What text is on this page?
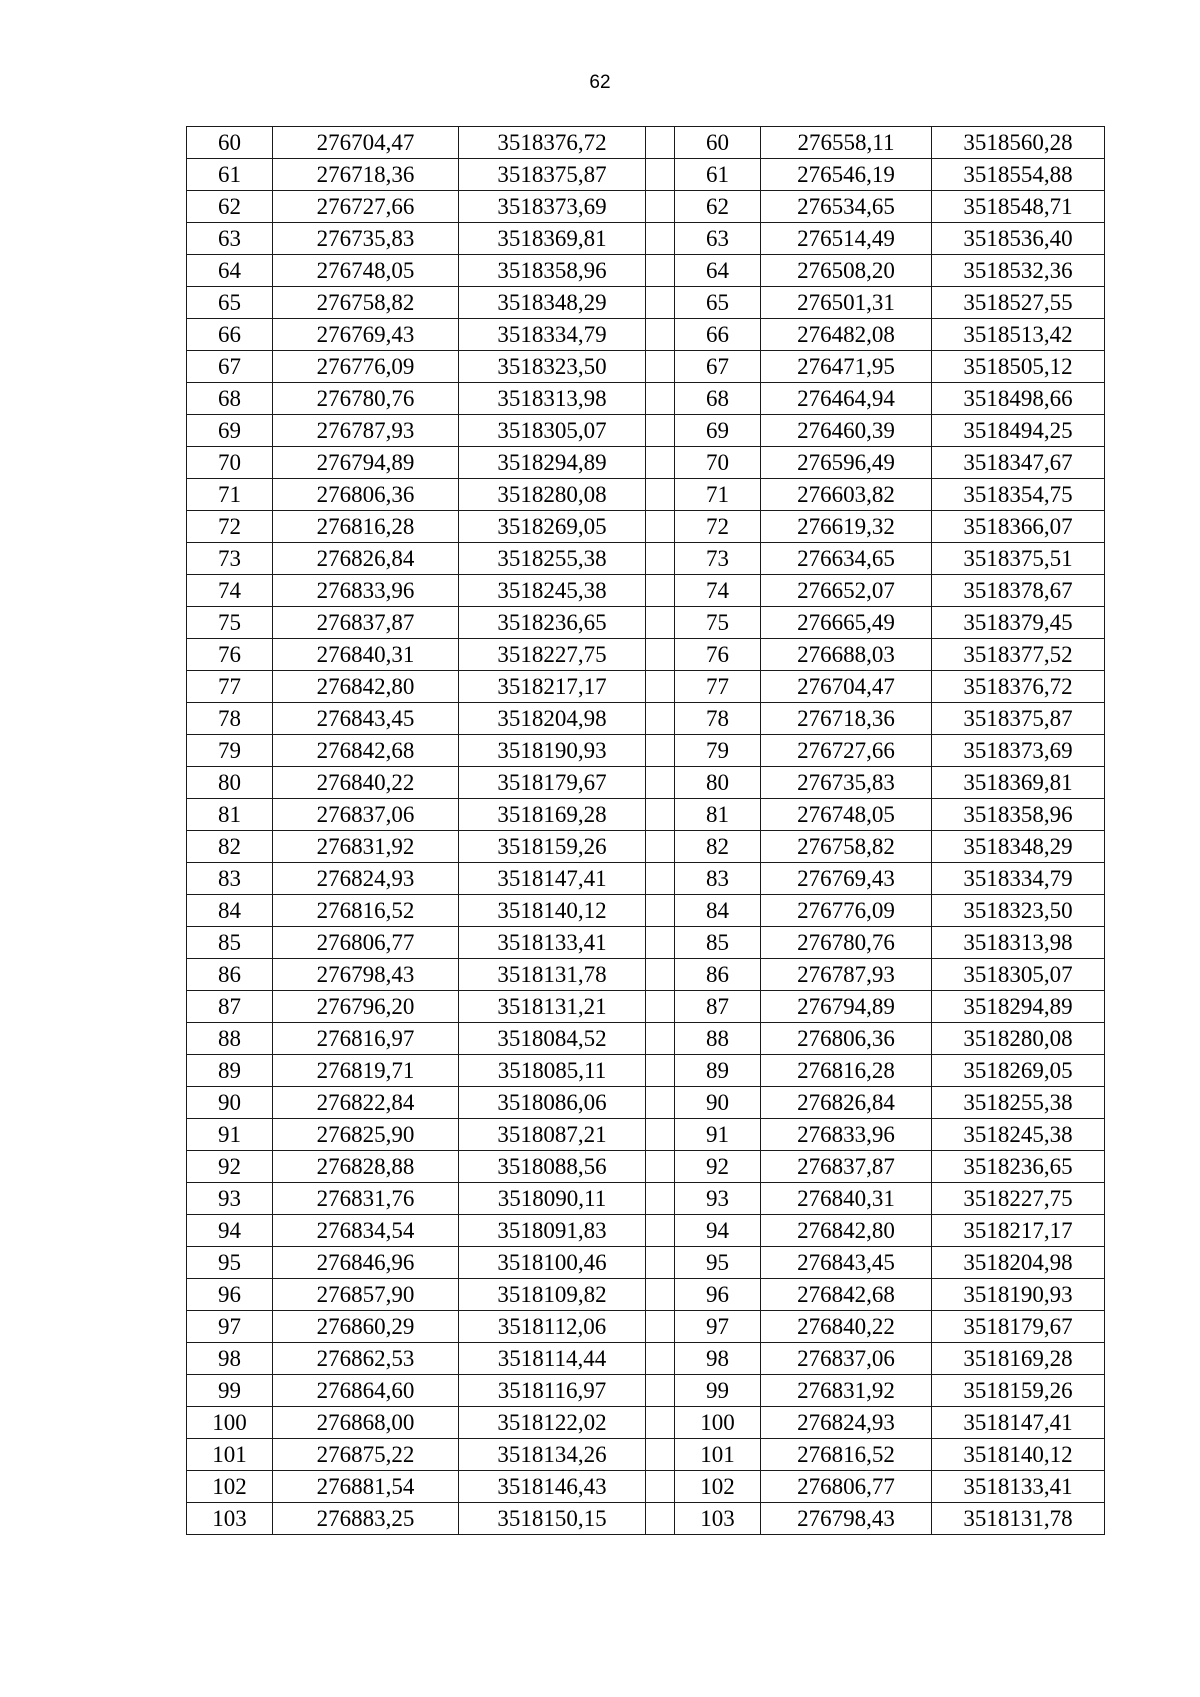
62
60	276704,47	3518376,72		60	276558,11	3518560,28
61	276718,36	3518375,87		61	276546,19	3518554,88
62	276727,66	3518373,69		62	276534,65	3518548,71
63	276735,83	3518369,81		63	276514,49	3518536,40
64	276748,05	3518358,96		64	276508,20	3518532,36
65	276758,82	3518348,29		65	276501,31	3518527,55
66	276769,43	3518334,79		66	276482,08	3518513,42
67	276776,09	3518323,50		67	276471,95	3518505,12
68	276780,76	3518313,98		68	276464,94	3518498,66
69	276787,93	3518305,07		69	276460,39	3518494,25
70	276794,89	3518294,89		70	276596,49	3518347,67
71	276806,36	3518280,08		71	276603,82	3518354,75
72	276816,28	3518269,05		72	276619,32	3518366,07
73	276826,84	3518255,38		73	276634,65	3518375,51
74	276833,96	3518245,38		74	276652,07	3518378,67
75	276837,87	3518236,65		75	276665,49	3518379,45
76	276840,31	3518227,75		76	276688,03	3518377,52
77	276842,80	3518217,17		77	276704,47	3518376,72
78	276843,45	3518204,98		78	276718,36	3518375,87
79	276842,68	3518190,93		79	276727,66	3518373,69
80	276840,22	3518179,67		80	276735,83	3518369,81
81	276837,06	3518169,28		81	276748,05	3518358,96
82	276831,92	3518159,26		82	276758,82	3518348,29
83	276824,93	3518147,41		83	276769,43	3518334,79
84	276816,52	3518140,12		84	276776,09	3518323,50
85	276806,77	3518133,41		85	276780,76	3518313,98
86	276798,43	3518131,78		86	276787,93	3518305,07
87	276796,20	3518131,21		87	276794,89	3518294,89
88	276816,97	3518084,52		88	276806,36	3518280,08
89	276819,71	3518085,11		89	276816,28	3518269,05
90	276822,84	3518086,06		90	276826,84	3518255,38
91	276825,90	3518087,21		91	276833,96	3518245,38
92	276828,88	3518088,56		92	276837,87	3518236,65
93	276831,76	3518090,11		93	276840,31	3518227,75
94	276834,54	3518091,83		94	276842,80	3518217,17
95	276846,96	3518100,46		95	276843,45	3518204,98
96	276857,90	3518109,82		96	276842,68	3518190,93
97	276860,29	3518112,06		97	276840,22	3518179,67
98	276862,53	3518114,44		98	276837,06	3518169,28
99	276864,60	3518116,97		99	276831,92	3518159,26
100	276868,00	3518122,02		100	276824,93	3518147,41
101	276875,22	3518134,26		101	276816,52	3518140,12
102	276881,54	3518146,43		102	276806,77	3518133,41
103	276883,25	3518150,15		103	276798,43	3518131,78
